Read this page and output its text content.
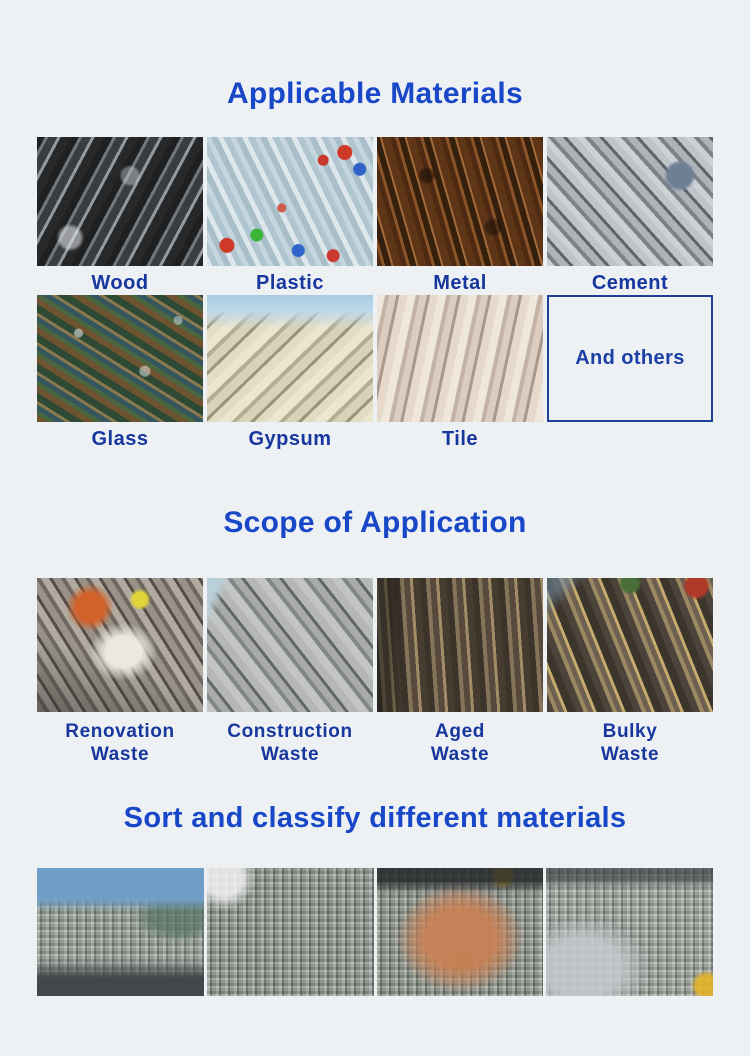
Applicable Materials
Wood	Plastic	Metal	Cement
Glass	Gypsum	Tile
And others
Scope of Application
Renovation
Waste
Construction
Waste
Aged
Waste
Bulky
Waste
Sort and classify different materials
